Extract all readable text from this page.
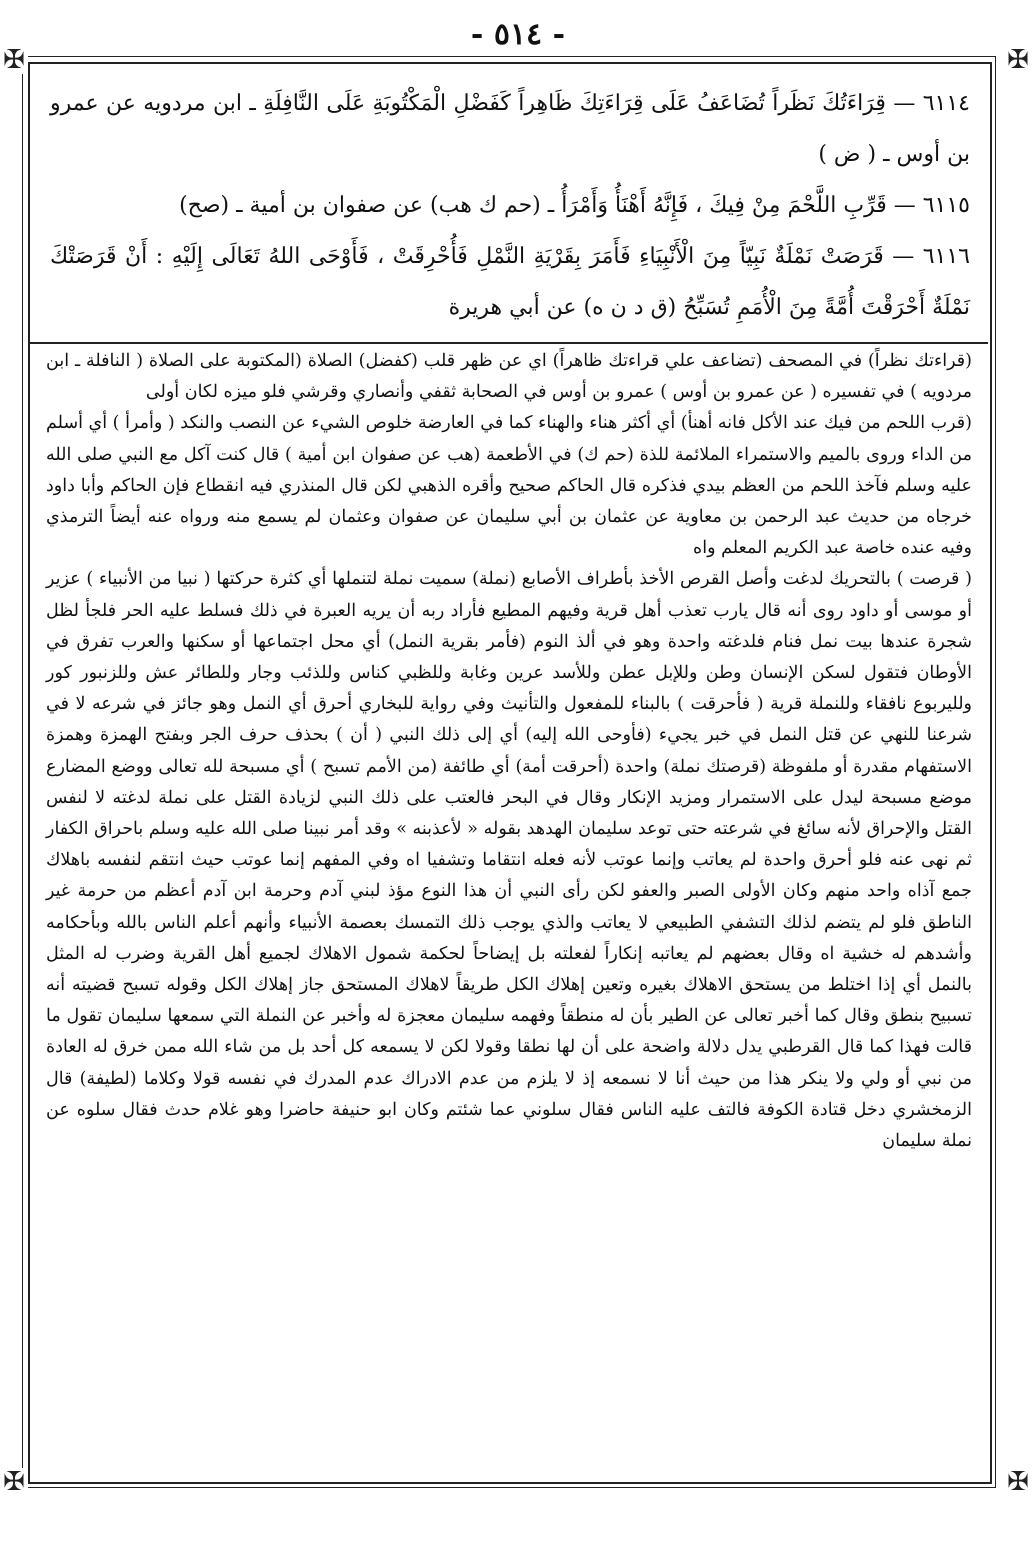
- ٥١٤ -
✠	✠
✠	✠

٦١١٤ — قِرَاءَتُكَ نَظَراً تُضَاعَفُ عَلَى قِرَاءَتِكَ ظَاهِراً كَفَضْلِ الْمَكْتُوبَةِ عَلَى النَّافِلَةِ ـ ابن مردويه عن عمرو بن أوس ـ ( ض )

٦١١٥ — قَرِّبِ اللَّحْمَ مِنْ فِيكَ ، فَإِنَّهُ أَهْنَأُ وَأَمْرَأُ ـ (حم ك هب) عن صفوان بن أمية ـ (صح)

٦١١٦ — قَرَصَتْ نَمْلَةٌ نَبِيّاً مِنَ الْأَنْبِيَاءِ فَأَمَرَ بِقَرْيَةِ النَّمْلِ فَأُحْرِقَتْ ، فَأَوْحَى اللهُ تَعَالَى إِلَيْهِ : أَنْ قَرَصَتْكَ نَمْلَةٌ أَحْرَقْتَ أُمَّةً مِنَ الْأُمَمِ تُسَبِّحُ (ق د ن ه) عن أبي هريرة

(قراءتك نظراً) في المصحف (تضاعف علي قراءتك ظاهراً) اي عن ظهر قلب (كفضل) الصلاة (المكتوبة على الصلاة ( النافلة ـ ابن مردويه ) في تفسيره ( عن عمرو بن أوس ) عمرو بن أوس في الصحابة ثقفي وأنصاري وقرشي فلو ميزه لكان أولى

(قرب اللحم من فيك عند الأكل فانه أهنأ) أي أكثر هناء والهناء كما في العارضة خلوص الشيء عن النصب والنكد ( وأمرأ ) أي أسلم من الداء وروى بالميم والاستمراء الملائمة للذة (حم ك) في الأطعمة (هب عن صفوان ابن أمية ) قال كنت آكل مع النبي صلى الله عليه وسلم فآخذ اللحم من العظم بيدي فذكره قال الحاكم صحيح وأقره الذهبي لكن قال المنذري فيه انقطاع فإن الحاكم وأبا داود خرجاه من حديث عبد الرحمن بن معاوية عن عثمان بن أبي سليمان عن صفوان وعثمان لم يسمع منه ورواه عنه أيضاً الترمذي وفيه عنده خاصة عبد الكريم المعلم واه

( قرصت ) بالتحريك لدغت وأصل القرص الأخذ بأطراف الأصابع (نملة) سميت نملة لتنملها أي كثرة حركتها ( نبيا من الأنبياء ) عزير أو موسى أو داود روى أنه قال يارب تعذب أهل قرية وفيهم المطيع فأراد ربه أن يريه العبرة في ذلك فسلط عليه الحر فلجأ لظل شجرة عندها بيت نمل فنام فلدغته واحدة وهو في ألذ النوم (فأمر بقرية النمل) أي محل اجتماعها أو سكنها والعرب تفرق في الأوطان فتقول لسكن الإنسان وطن وللإبل عطن وللأسد عرين وغابة وللظبي كناس وللذئب وجار وللطائر عش وللزنبور كور ولليربوع نافقاء وللنملة قرية ( فأحرقت ) بالبناء للمفعول والتأنيث وفي رواية للبخاري أحرق أي النمل وهو جائز في شرعه لا في شرعنا للنهي عن قتل النمل في خبر يجيء (فأوحى الله إليه) أي إلى ذلك النبي ( أن ) بحذف حرف الجر وبفتح الهمزة وهمزة الاستفهام مقدرة أو ملفوظة (قرصتك نملة) واحدة (أحرقت أمة) أي طائفة (من الأمم تسبح ) أي مسبحة لله تعالى ووضع المضارع موضع مسبحة ليدل على الاستمرار ومزيد الإنكار وقال في البحر فالعتب على ذلك النبي لزيادة القتل على نملة لدغته لا لنفس القتل والإحراق لأنه سائغ في شرعته حتى توعد سليمان الهدهد بقوله « لأعذبنه » وقد أمر نبينا صلى الله عليه وسلم باحراق الكفار ثم نهى عنه فلو أحرق واحدة لم يعاتب وإنما عوتب لأنه فعله انتقاما وتشفيا اه وفي المفهم إنما عوتب حيث انتقم لنفسه باهلاك جمع آذاه واحد منهم وكان الأولى الصبر والعفو لكن رأى النبي أن هذا النوع مؤذ لبني آدم وحرمة ابن آدم أعظم من حرمة غير الناطق فلو لم يتضم لذلك التشفي الطبيعي لا يعاتب والذي يوجب ذلك التمسك بعصمة الأنبياء وأنهم أعلم الناس بالله وبأحكامه وأشدهم له خشية اه وقال بعضهم لم يعاتبه إنكاراً لفعلته بل إيضاحاً لحكمة شمول الاهلاك لجميع أهل القرية وضرب له المثل بالنمل أي إذا اختلط من يستحق الاهلاك بغيره وتعين إهلاك الكل طريقاً لاهلاك المستحق جاز إهلاك الكل وقوله تسبح قضيته أنه تسبيح بنطق وقال كما أخبر تعالى عن الطير بأن له منطقاً وفهمه سليمان معجزة له وأخبر عن النملة التي سمعها سليمان تقول ما قالت فهذا كما قال القرطبي يدل دلالة واضحة على أن لها نطقا وقولا لكن لا يسمعه كل أحد بل من شاء الله ممن خرق له العادة من نبي أو ولي ولا ينكر هذا من حيث أنا لا نسمعه إذ لا يلزم من عدم الادراك عدم المدرك في نفسه قولا وكلاما (لطيفة) قال الزمخشري دخل قتادة الكوفة فالتف عليه الناس فقال سلوني عما شئتم وكان ابو حنيفة حاضرا وهو غلام حدث فقال سلوه عن نملة سليمان
